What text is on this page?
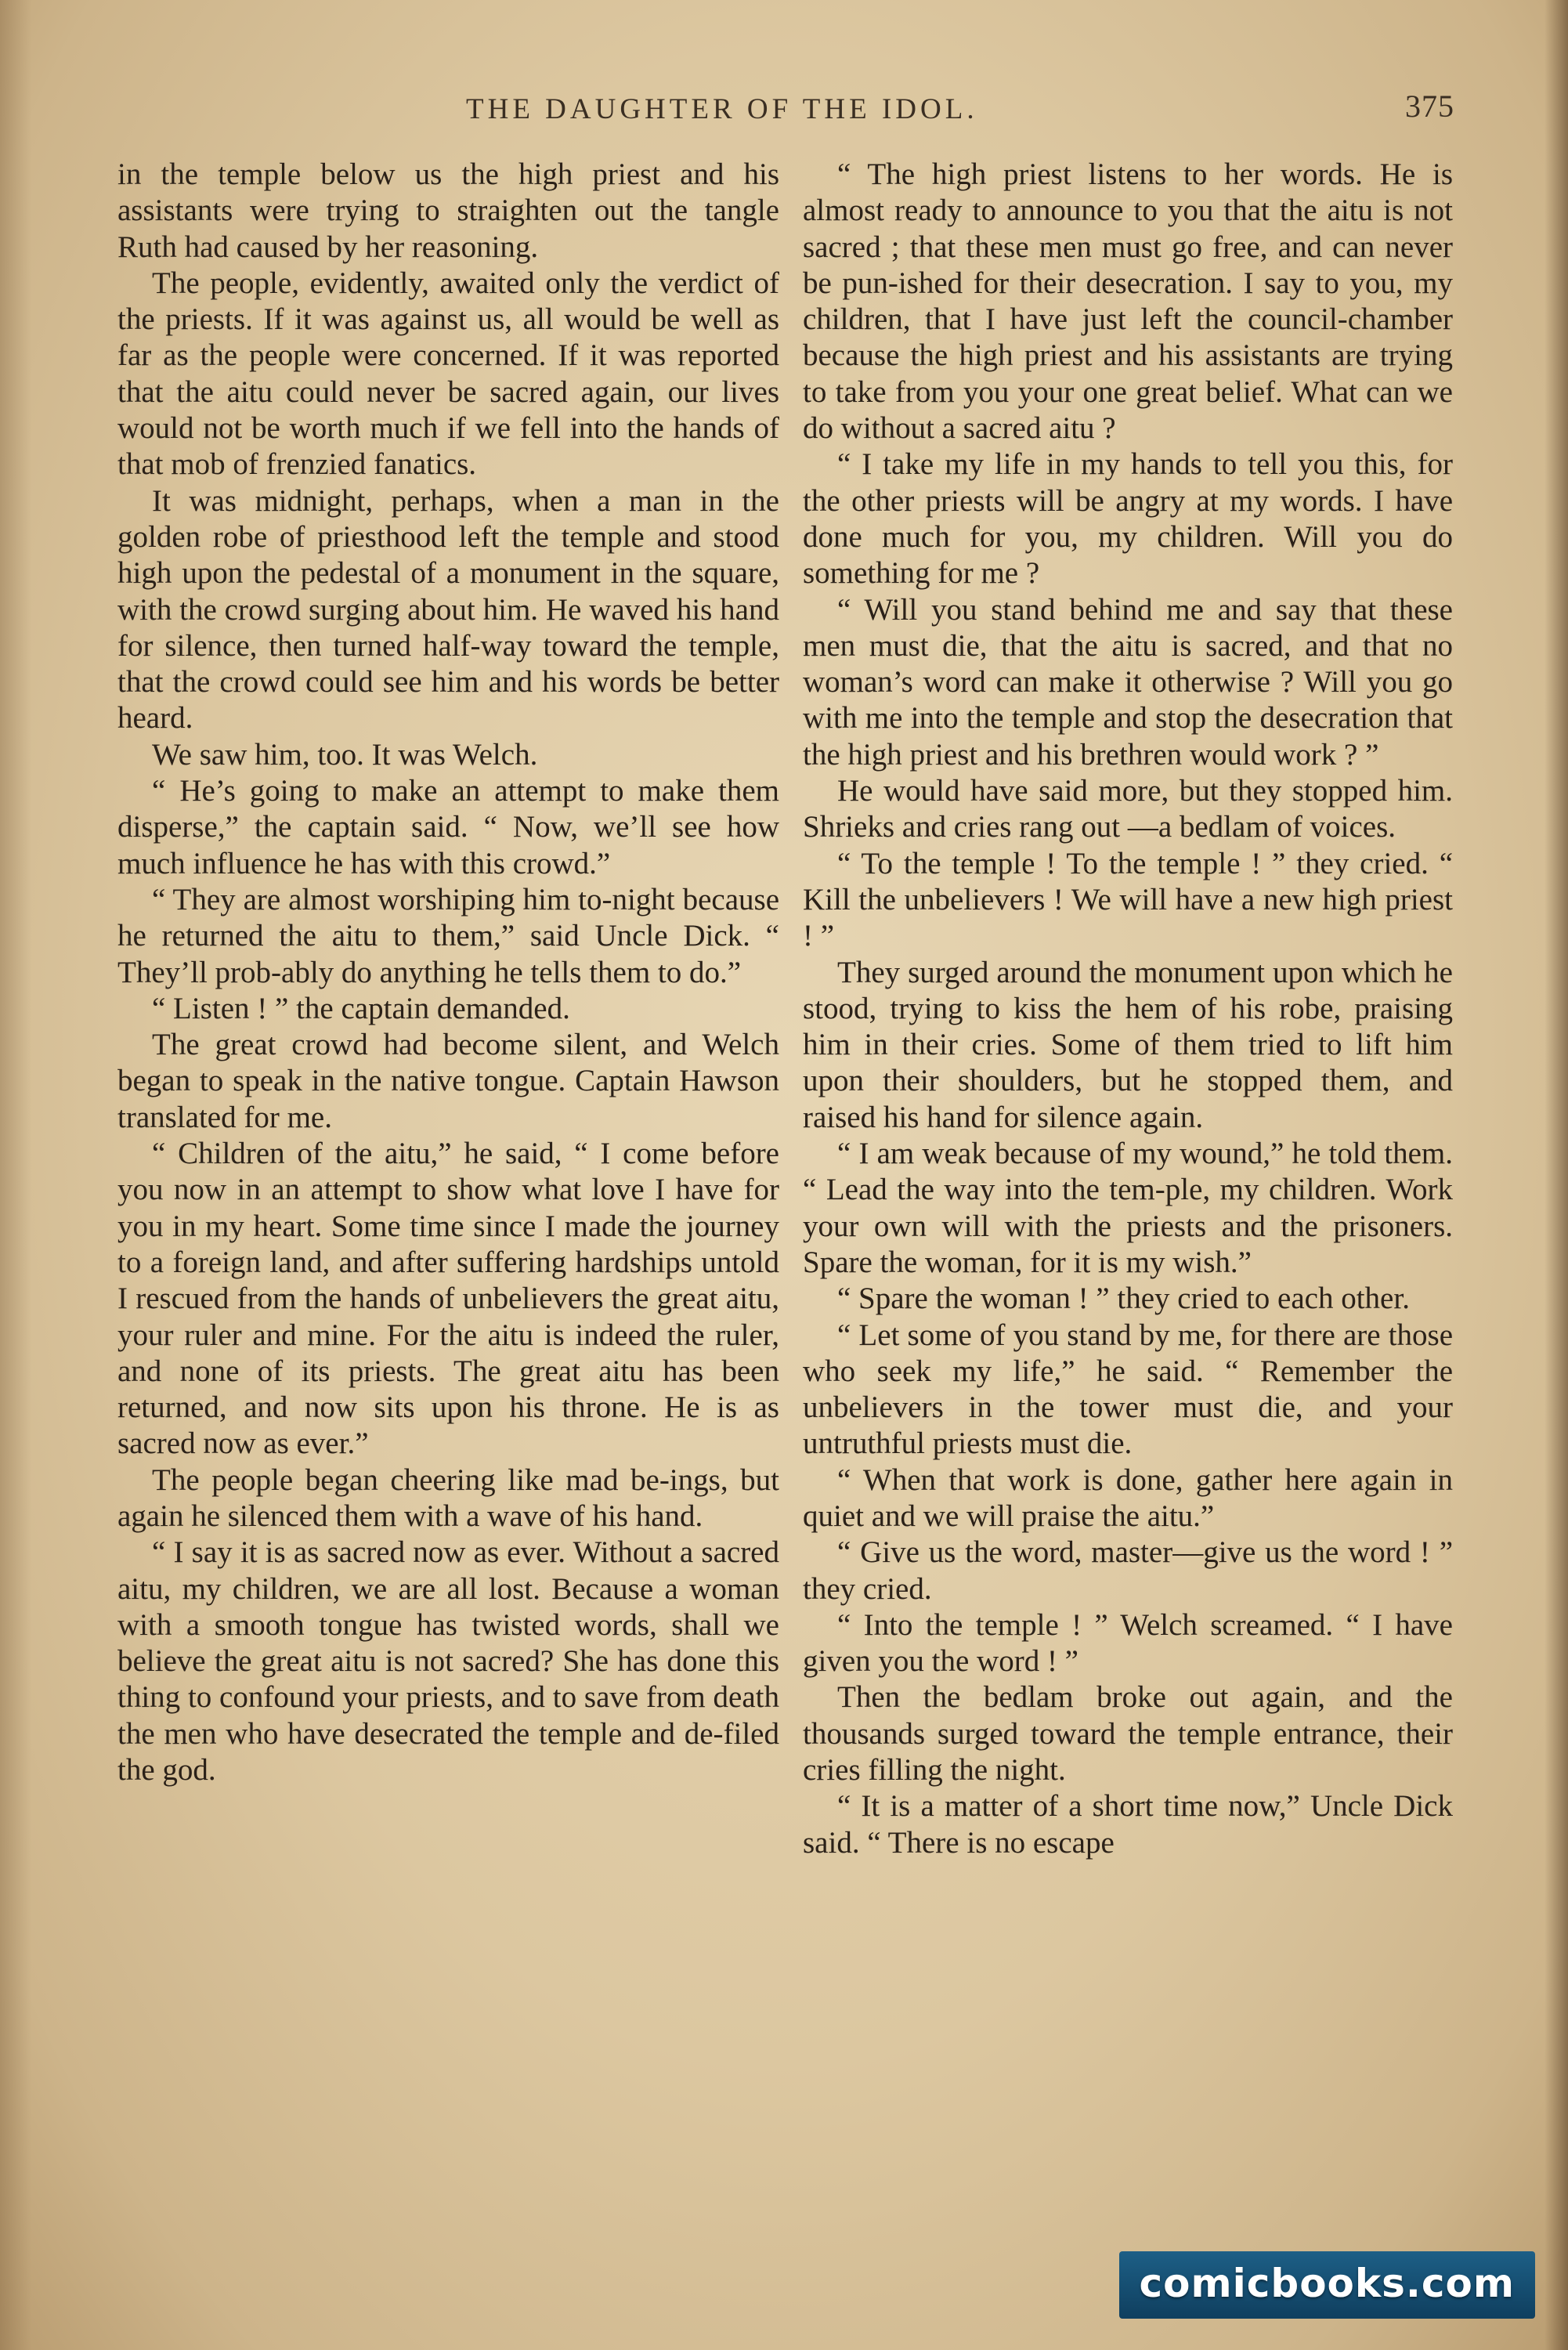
THE DAUGHTER OF THE IDOL.	375

in the temple below us the high priest and his assistants were trying to straighten out the tangle Ruth had caused by her reasoning.

The people, evidently, awaited only the verdict of the priests. If it was against us, all would be well as far as the people were concerned. If it was reported that the aitu could never be sacred again, our lives would not be worth much if we fell into the hands of that mob of frenzied fanatics.

It was midnight, perhaps, when a man in the golden robe of priesthood left the temple and stood high upon the pedestal of a monument in the square, with the crowd surging about him. He waved his hand for silence, then turned half-way toward the temple, that the crowd could see him and his words be better heard.

We saw him, too. It was Welch.

“ He’s going to make an attempt to make them disperse,” the captain said. “ Now, we’ll see how much influence he has with this crowd.”

“ They are almost worshiping him to-night because he returned the aitu to them,” said Uncle Dick. “ They’ll prob-ably do anything he tells them to do.”

“ Listen ! ” the captain demanded.

The great crowd had become silent, and Welch began to speak in the native tongue. Captain Hawson translated for me.

“ Children of the aitu,” he said, “ I come before you now in an attempt to show what love I have for you in my heart. Some time since I made the journey to a foreign land, and after suffering hardships untold I rescued from the hands of unbelievers the great aitu, your ruler and mine. For the aitu is indeed the ruler, and none of its priests. The great aitu has been returned, and now sits upon his throne. He is as sacred now as ever.”

The people began cheering like mad be-ings, but again he silenced them with a wave of his hand.

“ I say it is as sacred now as ever. Without a sacred aitu, my children, we are all lost. Because a woman with a smooth tongue has twisted words, shall we believe the great aitu is not sacred? She has done this thing to confound your priests, and to save from death the men who have desecrated the temple and de-filed the god.

“ The high priest listens to her words. He is almost ready to announce to you that the aitu is not sacred ; that these men must go free, and can never be pun-ished for their desecration. I say to you, my children, that I have just left the council-chamber because the high priest and his assistants are trying to take from you your one great belief. What can we do without a sacred aitu ?

“ I take my life in my hands to tell you this, for the other priests will be angry at my words. I have done much for you, my children. Will you do something for me ?

“ Will you stand behind me and say that these men must die, that the aitu is sacred, and that no woman’s word can make it otherwise ? Will you go with me into the temple and stop the desecration that the high priest and his brethren would work ? ”

He would have said more, but they stopped him. Shrieks and cries rang out —a bedlam of voices.

“ To the temple ! To the temple ! ” they cried. “ Kill the unbelievers ! We will have a new high priest ! ”

They surged around the monument upon which he stood, trying to kiss the hem of his robe, praising him in their cries. Some of them tried to lift him upon their shoulders, but he stopped them, and raised his hand for silence again.

“ I am weak because of my wound,” he told them. “ Lead the way into the tem-ple, my children. Work your own will with the priests and the prisoners. Spare the woman, for it is my wish.”

“ Spare the woman ! ” they cried to each other.

“ Let some of you stand by me, for there are those who seek my life,” he said. “ Remember the unbelievers in the tower must die, and your untruthful priests must die.

“ When that work is done, gather here again in quiet and we will praise the aitu.”

“ Give us the word, master—give us the word ! ” they cried.

“ Into the temple ! ” Welch screamed. “ I have given you the word ! ”

Then the bedlam broke out again, and the thousands surged toward the temple entrance, their cries filling the night.

“ It is a matter of a short time now,” Uncle Dick said. “ There is no escape

comicbooks.com
